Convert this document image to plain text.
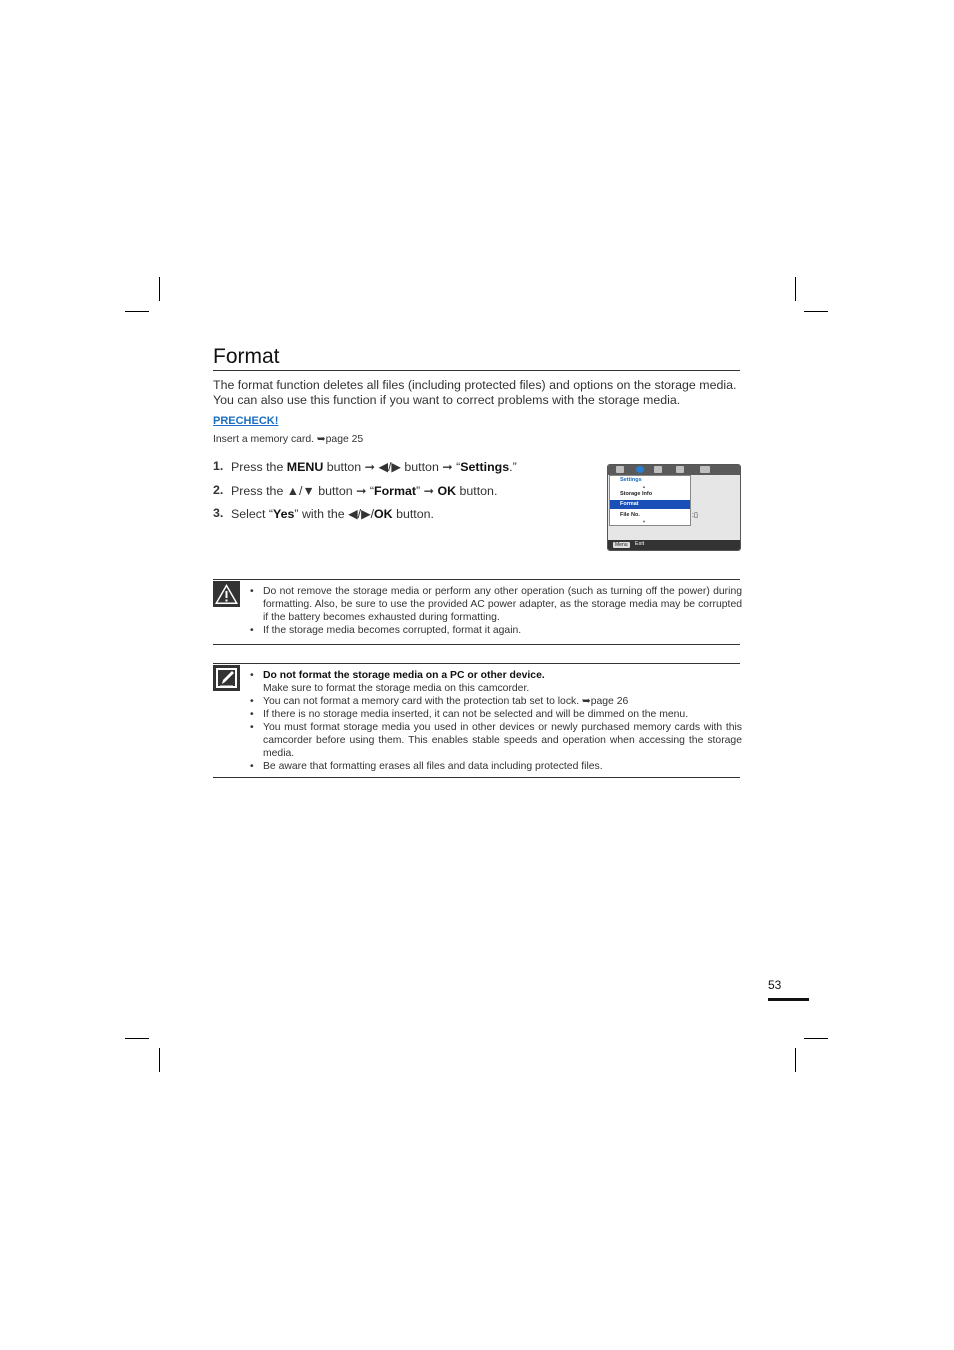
Format

The format function deletes all files (including protected files) and options on the storage media.

You can also use this function if you want to correct problems with the storage media.

PRECHECK!
Insert a memory card. ➥page 25
1. Press the MENU button ➞ ◀/▶ button ➞ “Settings.”
2. Press the ▲/▼ button ➞ “Format” ➞ OK button.
3. Select “Yes” with the ◀/▶/OK button.
Settings
▲
Storage Info
Format
File No.
▼
:▯
Menu	Exit
• Do not remove the storage media or perform any other operation (such as turning off the power) during formatting. Also, be sure to use the provided AC power adapter, as the storage media may be corrupted if the battery becomes exhausted during formatting.
• If the storage media becomes corrupted, format it again.
• Do not format the storage media on a PC or other device.
Make sure to format the storage media on this camcorder.
• You can not format a memory card with the protection tab set to lock. ➥page 26
• If there is no storage media inserted, it can not be selected and will be dimmed on the menu.
• You must format storage media you used in other devices or newly purchased memory cards with this camcorder before using them. This enables stable speeds and operation when accessing the storage media.
• Be aware that formatting erases all files and data including protected files.
53
